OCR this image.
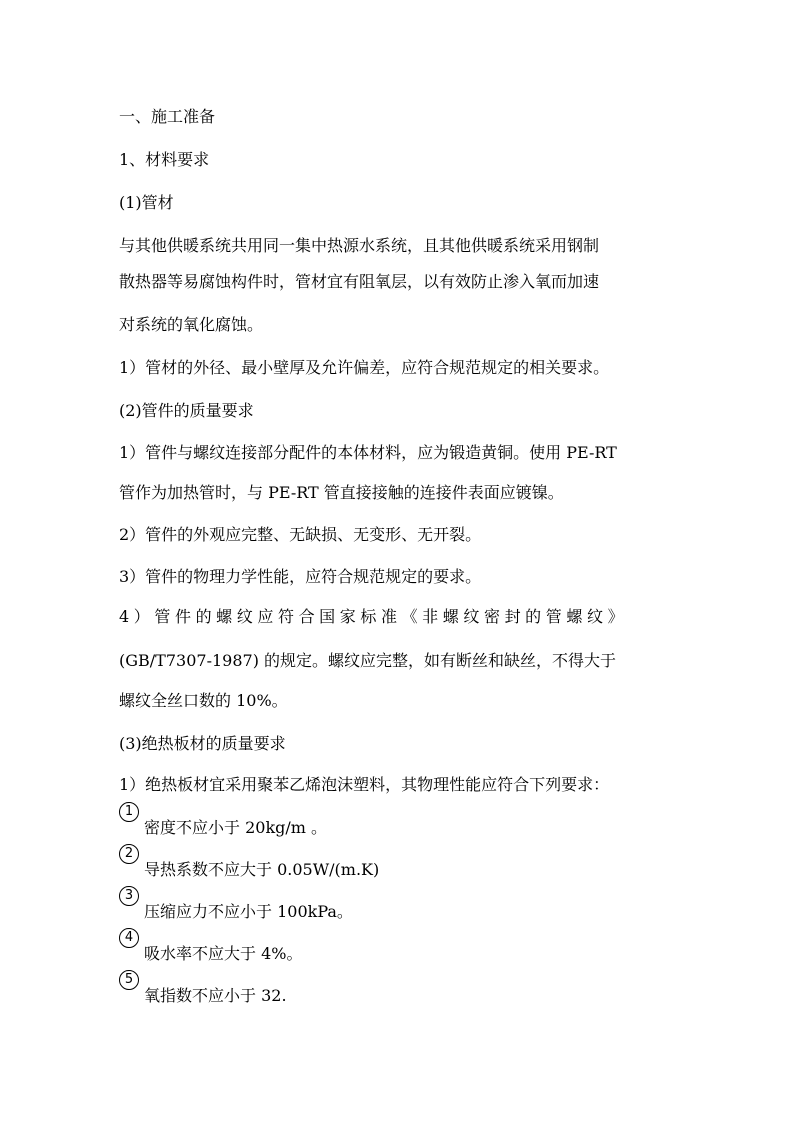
一、施工准备
1、材料要求
(1)管材
与其他供暖系统共用同一集中热源水系统，且其他供暖系统采用钢制
散热器等易腐蚀构件时，管材宜有阻氧层，以有效防止渗入氧而加速
对系统的氧化腐蚀。
1）管材的外径、最小壁厚及允许偏差，应符合规范规定的相关要求。
(2)管件的质量要求
1）管件与螺纹连接部分配件的本体材料，应为锻造黄铜。使用 PE-RT
管作为加热管时，与 PE-RT 管直接接触的连接件表面应镀镍。
2）管件的外观应完整、无缺损、无变形、无开裂。
3）管件的物理力学性能，应符合规范规定的要求。
4）管件的螺纹应符合国家标准《非螺纹密封的管螺纹》
(GB/T7307-1987) 的规定。螺纹应完整，如有断丝和缺丝，不得大于
螺纹全丝口数的 10%。
(3)绝热板材的质量要求
1）绝热板材宜采用聚苯乙烯泡沫塑料，其物理性能应符合下列要求：
1
密度不应小于 20kg/m 。
2
导热系数不应大于 0.05W/(m.K)
3
压缩应力不应小于 100kPa。
4
吸水率不应大于 4%。
5
氧指数不应小于 32.
